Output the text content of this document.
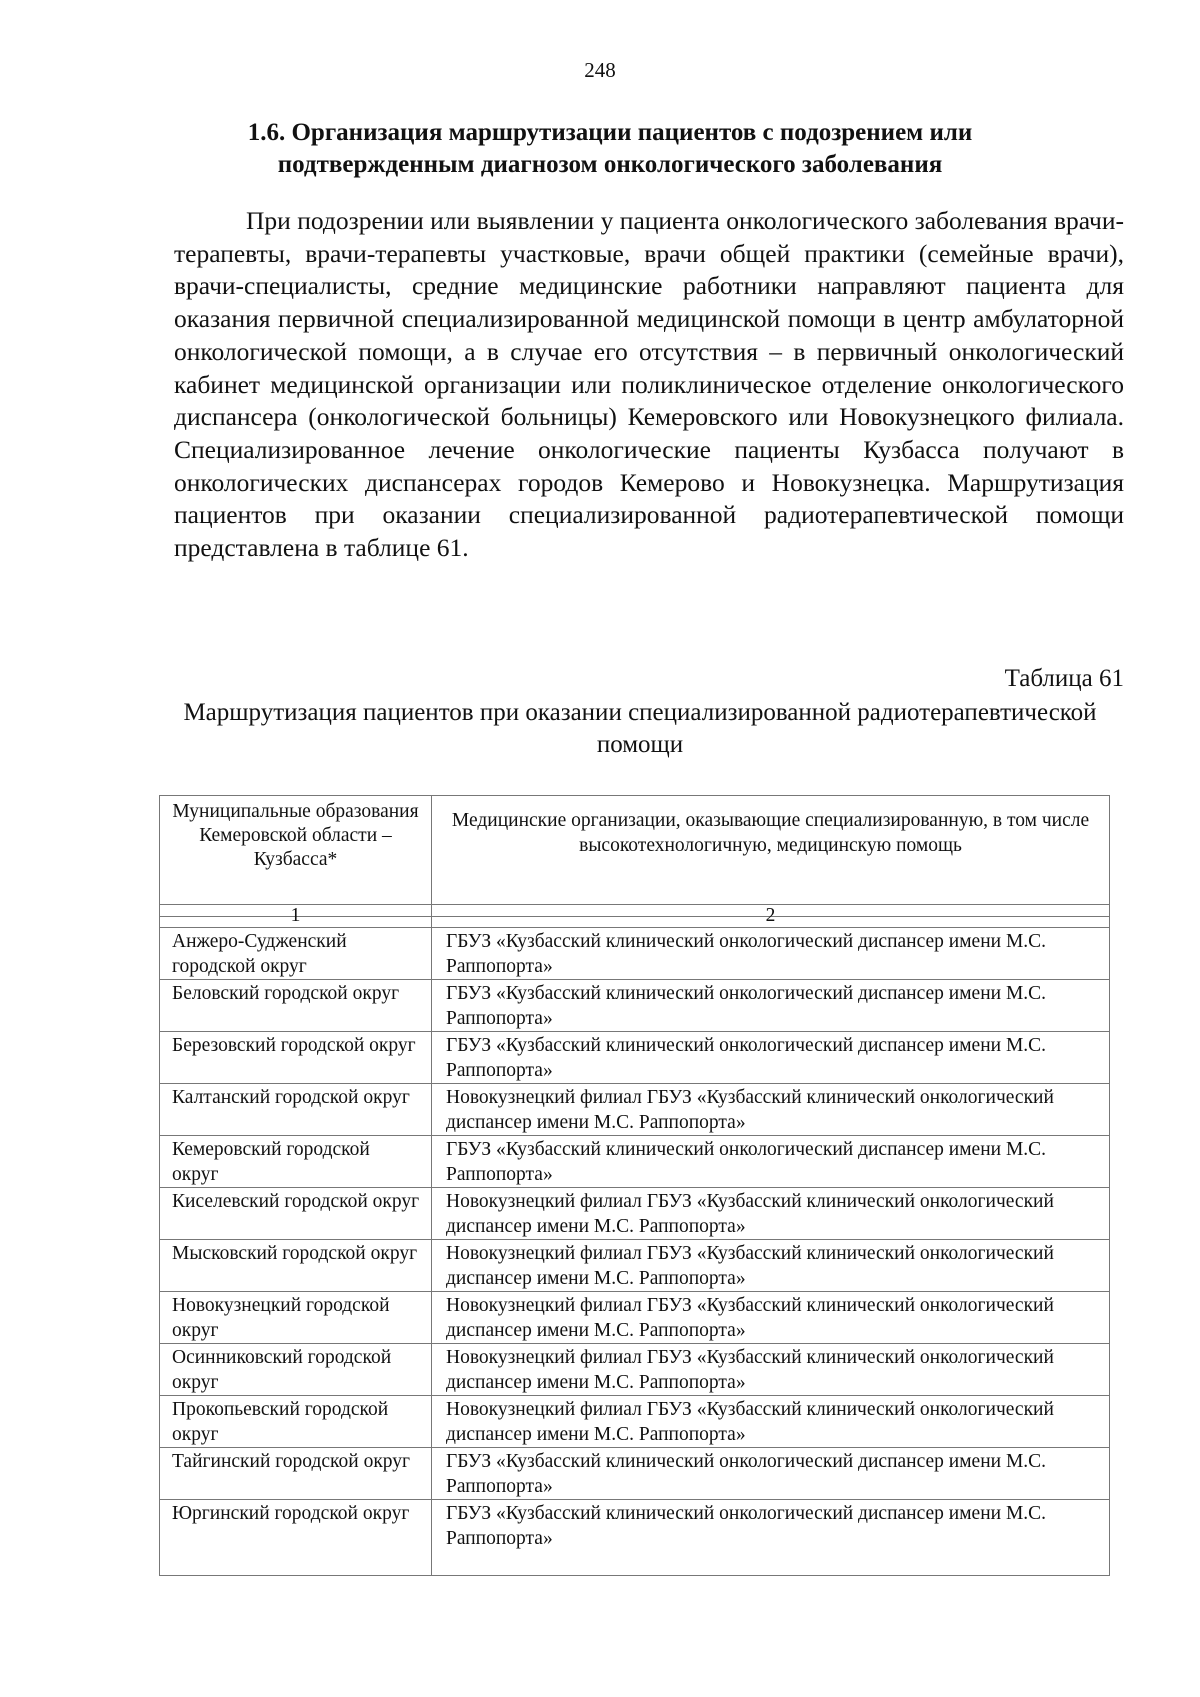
248
1.6. Организация маршрутизации пациентов с подозрением или подтвержденным диагнозом онкологического заболевания

При подозрении или выявлении у пациента онкологического заболевания врачи-терапевты, врачи-терапевты участковые, врачи общей практики (семейные врачи), врачи-специалисты, средние медицинские работники направляют пациента для оказания первичной специализированной медицинской помощи в центр амбулаторной онкологической помощи, а в случае его отсутствия – в первичный онкологический кабинет медицинской организации или поликлиническое отделение онкологического диспансера (онкологической больницы) Кемеровского или Новокузнецкого филиала. Специализированное лечение онкологические пациенты Кузбасса получают в онкологических диспансерах городов Кемерово и Новокузнецка. Маршрутизация пациентов при оказании специализированной радиотерапевтической помощи представлена в таблице 61.

Таблица 61
Маршрутизация пациентов при оказании специализированной радиотерапевтической помощи
Муниципальные образования Кемеровской области – Кузбасса*	Медицинские организации, оказывающие специализированную, в том числе высокотехнологичную, медицинскую помощь
1	2
Анжеро-Судженский городской округ	ГБУЗ «Кузбасский клинический онкологический диспансер имени М.С. Раппопорта»
Беловский городской округ	ГБУЗ «Кузбасский клинический онкологический диспансер имени М.С. Раппопорта»
Березовский городской округ	ГБУЗ «Кузбасский клинический онкологический диспансер имени М.С. Раппопорта»
Калтанский городской округ	Новокузнецкий филиал ГБУЗ «Кузбасский клинический онкологический диспансер имени М.С. Раппопорта»
Кемеровский городской округ	ГБУЗ «Кузбасский клинический онкологический диспансер имени М.С. Раппопорта»
Киселевский городской округ	Новокузнецкий филиал ГБУЗ «Кузбасский клинический онкологический диспансер имени М.С. Раппопорта»
Мысковский городской округ	Новокузнецкий филиал ГБУЗ «Кузбасский клинический онкологический диспансер имени М.С. Раппопорта»
Новокузнецкий городской округ	Новокузнецкий филиал ГБУЗ «Кузбасский клинический онкологический диспансер имени М.С. Раппопорта»
Осинниковский городской округ	Новокузнецкий филиал ГБУЗ «Кузбасский клинический онкологический диспансер имени М.С. Раппопорта»
Прокопьевский городской округ	Новокузнецкий филиал ГБУЗ «Кузбасский клинический онкологический диспансер имени М.С. Раппопорта»
Тайгинский городской округ	ГБУЗ «Кузбасский клинический онкологический диспансер имени М.С. Раппопорта»
Юргинский городской округ	ГБУЗ «Кузбасский клинический онкологический диспансер имени М.С. Раппопорта»
